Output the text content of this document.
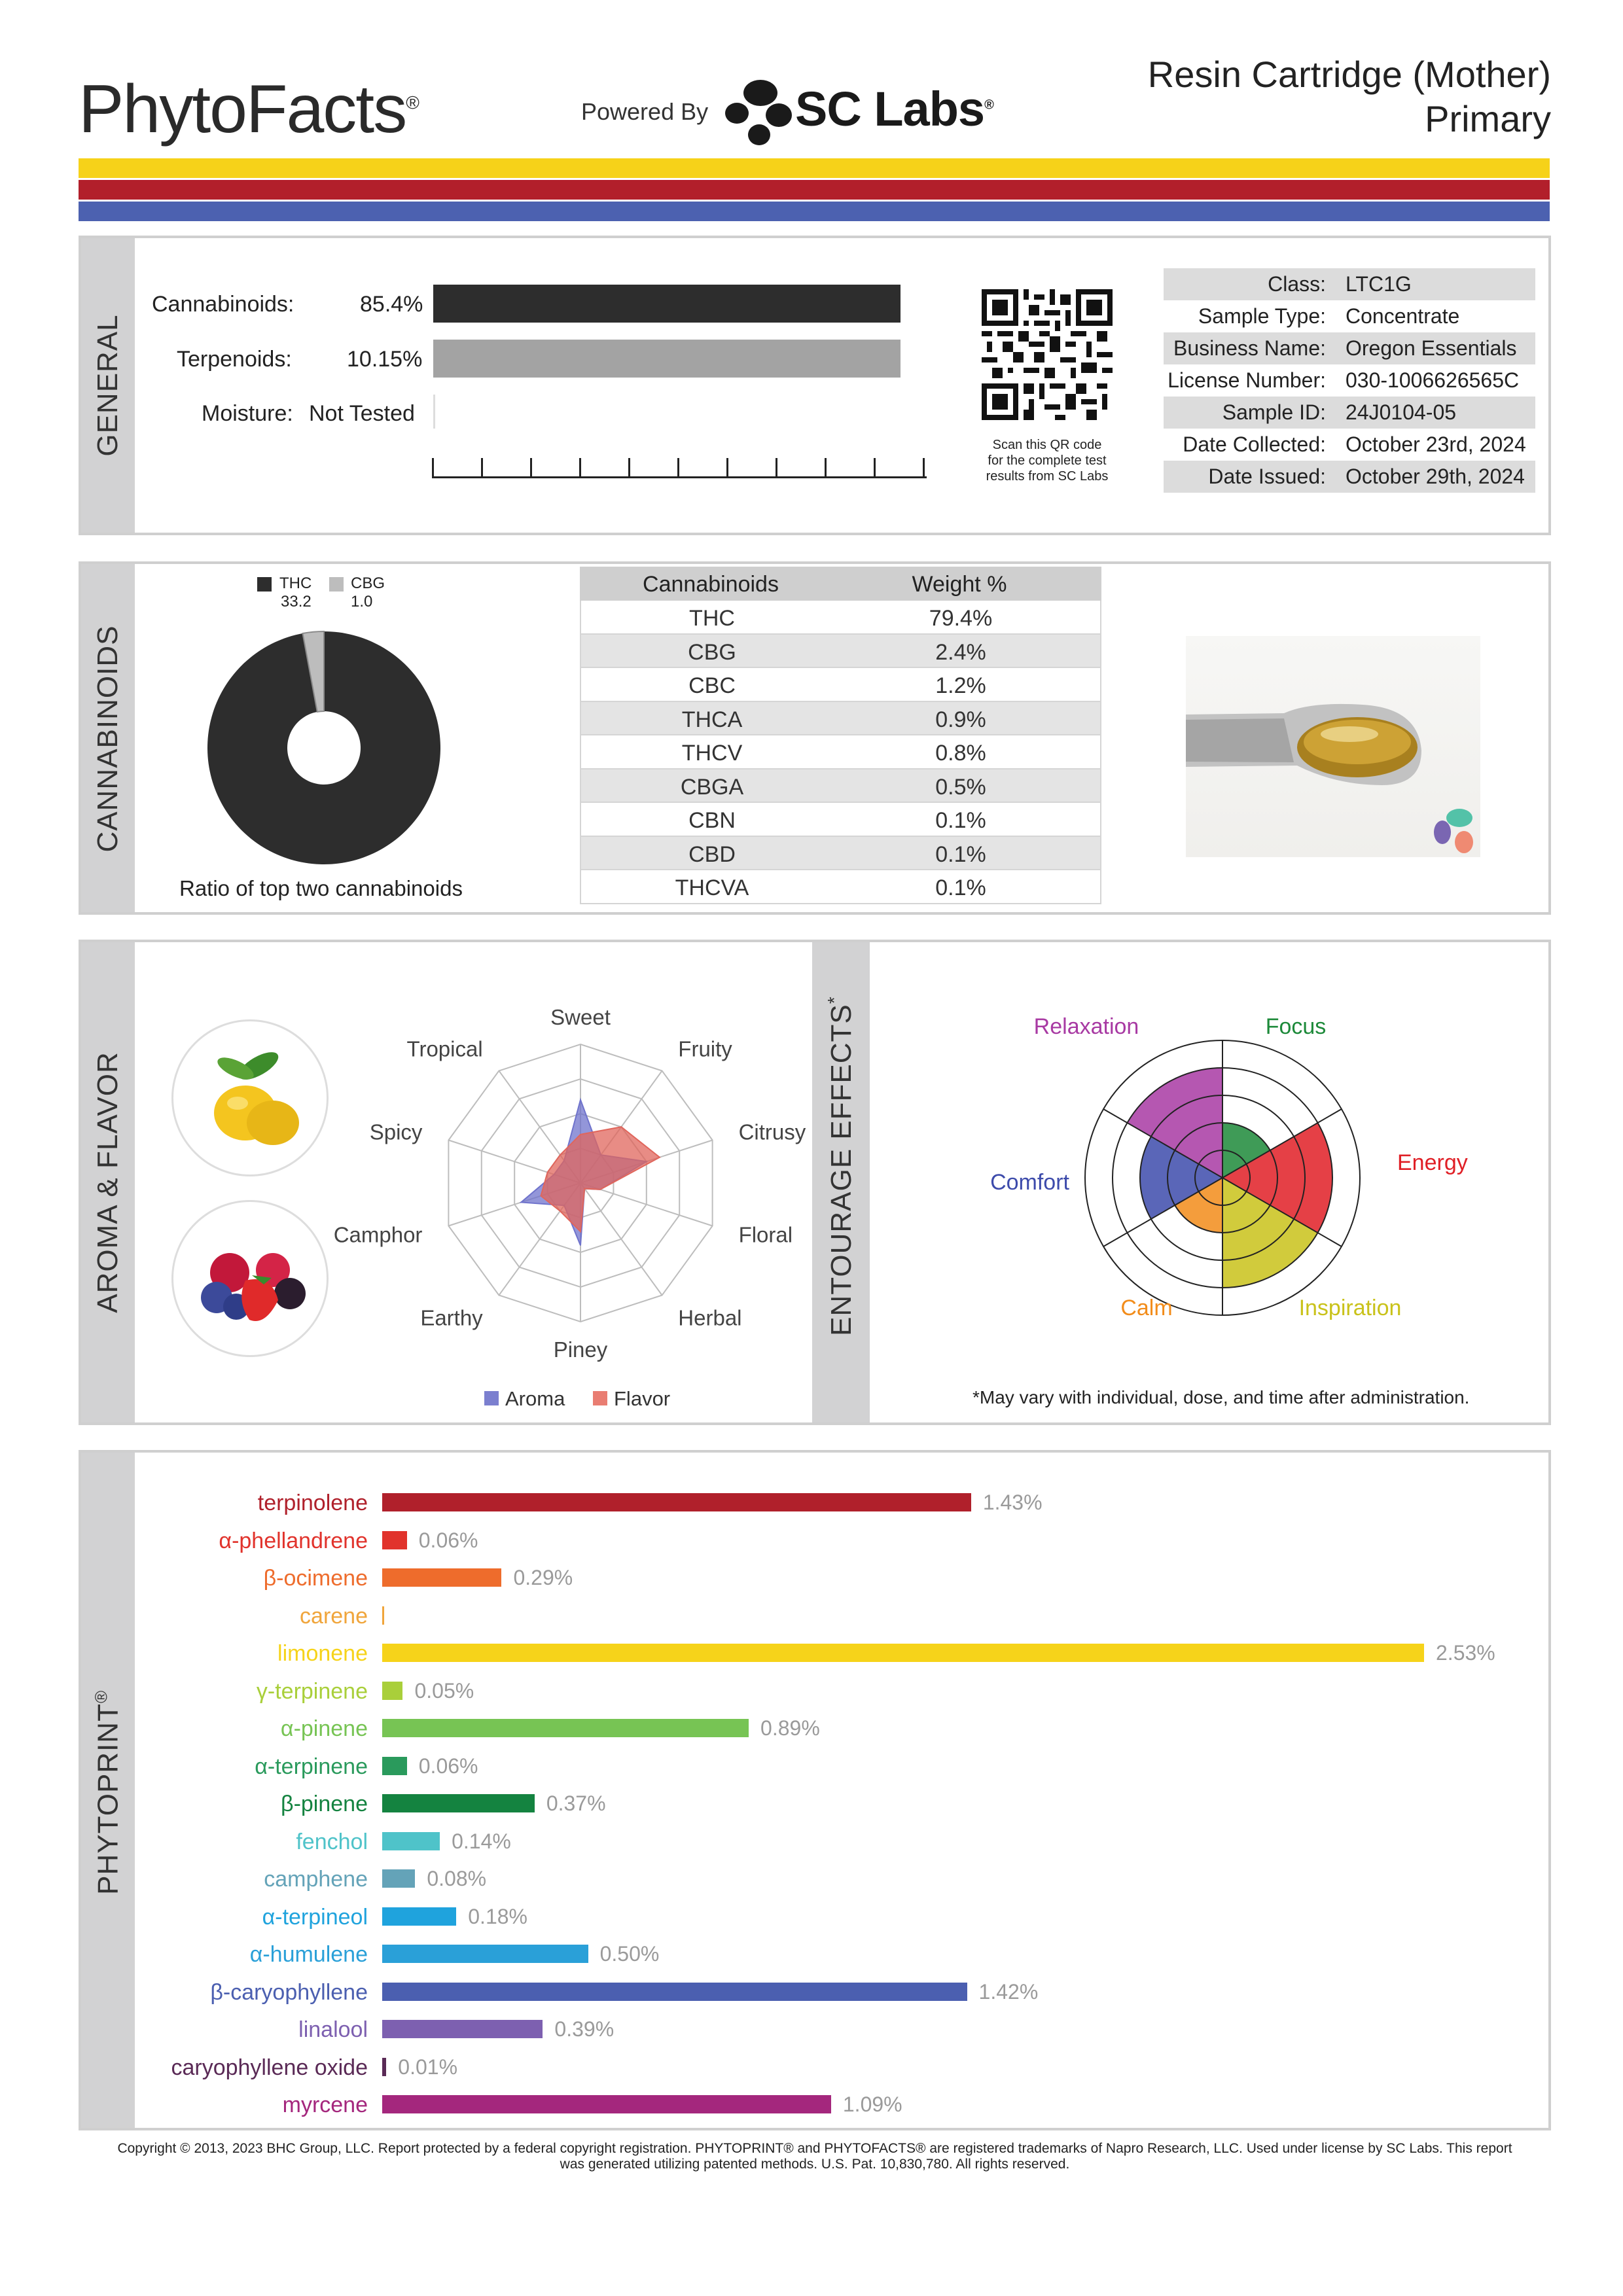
PhytoFacts®	Powered By SC Labs®
Resin Cartridge (Mother)
Primary
GENERAL
Cannabinoids:	85.4%
Terpenoids: 10.15%
Moisture: Not Tested
Scan this QR code
for the complete test
results from SC Labs
Class: LTC1G
Sample Type: Concentrate
Business Name: Oregon Essentials
License Number: 030-1006626565C
Sample ID: 24J0104-05
Date Collected: October 23rd, 2024
Date Issued: October 29th, 2024
CANNABINOIDS
THC
33.2
CBG
1.0
Ratio of top two cannabinoids
Cannabinoids	Weight %
THC	79.4%
CBG	2.4%
CBC	1.2%
THCA	0.9%
THCV	0.8%
CBGA	0.5%
CBN	0.1%
CBD	0.1%
THCVA	0.1%
AROMA & FLAVOR	ENTOURAGE EFFECTS*
Sweet
Fruity
Citrusy
Floral
Herbal
Piney
Earthy
Camphor
Spicy
Tropical
Aroma Flavor
Focus
Energy
Inspiration
Calm
Comfort
Relaxation
*May vary with individual, dose, and time after administration.
PHYTOPRINT®
terpinolene	1.43%
α-phellandrene 0.06%
β-ocimene	0.29%
carene
limonene	2.53%
γ-terpinene 0.05%
α-pinene	0.89%
α-terpinene 0.06%
β-pinene	0.37%
fenchol	0.14%
camphene	0.08%
α-terpineol	0.18%
α-humulene	0.50%
β-caryophyllene	1.42%
linalool	0.39%
caryophyllene oxide 0.01%
myrcene	1.09%
Copyright © 2013, 2023 BHC Group, LLC. Report protected by a federal copyright registration. PHYTOPRINT® and PHYTOFACTS® are registered trademarks of Napro Research, LLC. Used under license by SC Labs. This report
was generated utilizing patented methods. U.S. Pat. 10,830,780. All rights reserved.
